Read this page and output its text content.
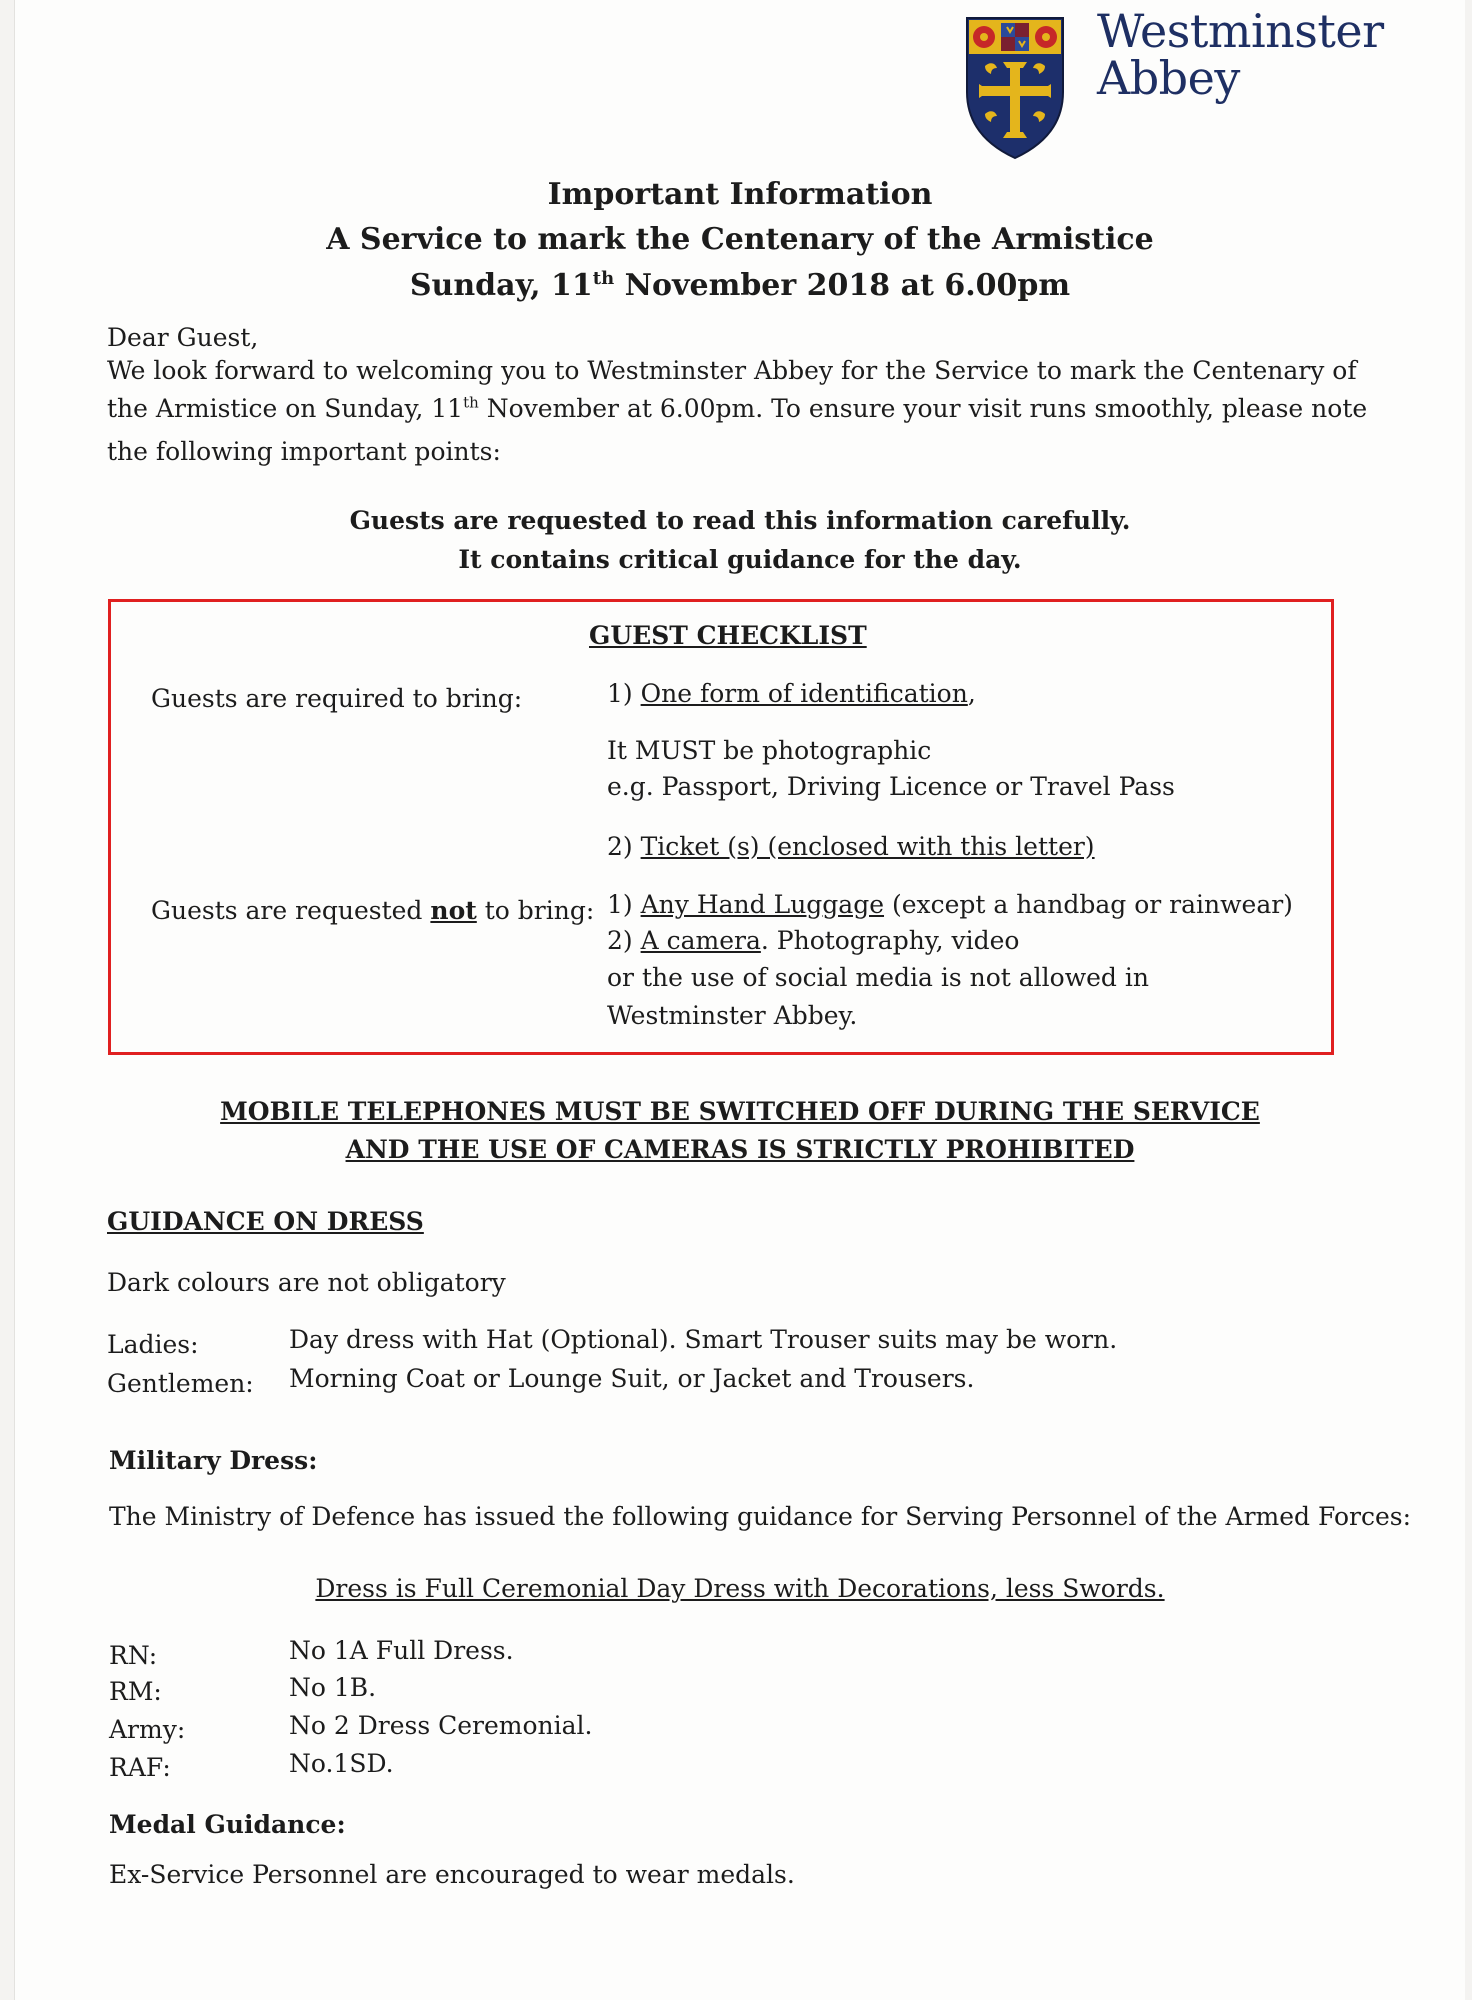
Westminster
Abbey
Important Information
A Service to mark the Centenary of the Armistice
Sunday, 11th November 2018 at 6.00pm
Dear Guest,
We look forward to welcoming you to Westminster Abbey for the Service to mark the Centenary of
the Armistice on Sunday, 11th November at 6.00pm. To ensure your visit runs smoothly, please note
the following important points:
Guests are requested to read this information carefully.
It contains critical guidance for the day.
GUEST CHECKLIST
Guests are required to bring:	1) One form of identification,
It MUST be photographic
e.g. Passport, Driving Licence or Travel Pass
2) Ticket (s) (enclosed with this letter)
Guests are requested not to bring: 1) Any Hand Luggage (except a handbag or rainwear)
2) A camera. Photography, video
or the use of social media is not allowed in
Westminster Abbey.
MOBILE TELEPHONES MUST BE SWITCHED OFF DURING THE SERVICE
AND THE USE OF CAMERAS IS STRICTLY PROHIBITED
GUIDANCE ON DRESS
Dark colours are not obligatory
Ladies:	Day dress with Hat (Optional). Smart Trouser suits may be worn.
Gentlemen: Morning Coat or Lounge Suit, or Jacket and Trousers.
Military Dress:
The Ministry of Defence has issued the following guidance for Serving Personnel of the Armed Forces:
Dress is Full Ceremonial Day Dress with Decorations, less Swords.
RN:	No 1A Full Dress.
RM:	No 1B.
Army:	No 2 Dress Ceremonial.
RAF:	No.1SD.
Medal Guidance:
Ex-Service Personnel are encouraged to wear medals.
